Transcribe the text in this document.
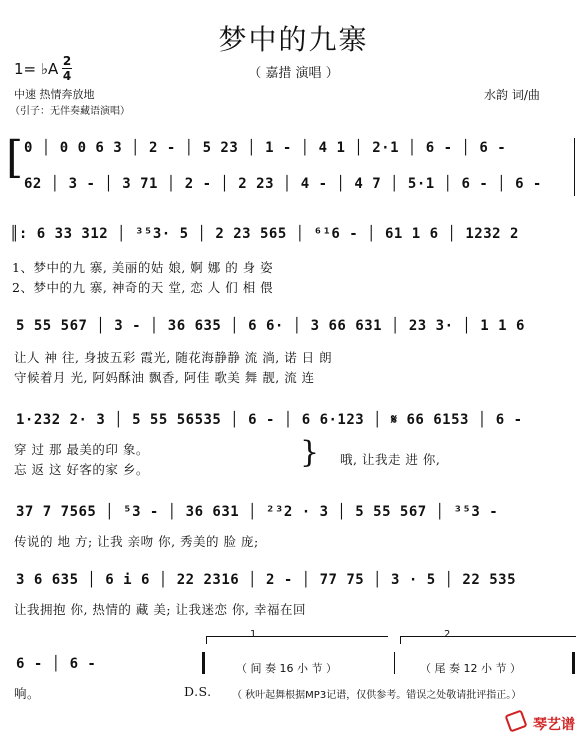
梦中的九寨
（ 嘉措 演唱 ）
1= ♭A 2
4
中速 热情奔放地
（引子：无伴奏藏语演唱）
水韵 词/曲
[ 0 │ 0 0 6 3 │ 2 - │ 5 23 │ 1 - │ 4 1 │ 2·1 │ 6 - │ 6 -
62 │ 3 - │ 3 71 │ 2 - │ 2 23 │ 4 - │ 4 7 │ 5·1 │ 6 - │ 6 -
║: 6 33 312 │ ³⁵3· 5 │ 2 23 565 │ ⁶¹6 - │ 61 1 6 │ 1232 2
1、梦中的九 寨, 美丽的姑 娘, 婀 娜 的 身 姿
2、梦中的九 寨, 神奇的天 堂, 恋 人 们 相 偎
5 55 567 │ 3 - │ 36 635 │ 6 6· │ 3 66 631 │ 23 3· │ 1 1 6
让人 神 往, 身披五彩 霞光, 随花海静静 流 淌, 诺 日 朗
守候着月 光, 阿妈酥油 飘香, 阿佳 歌美 舞 靓, 流 连
1·232 2· 3 │ 5 55 56535 │ 6 - │ 6 6·123 │ 𝄋 66 6153 │ 6 -
穿 过 那 最美的印 象。
忘 返 这 好客的家 乡。	} 哦, 让我走 进 你,
37 7 7565 │ ⁵3 - │ 36 631 │ ²³2 · 3 │ 5 55 567 │ ³⁵3 -
传说的 地 方; 让我 亲吻 你, 秀美的 脸 庞;
3 6 635 │ 6 i 6 │ 22 2316 │ 2 - │ 77 75 │ 3 · 5 │ 22 535
让我拥抱 你, 热情的 藏 美; 让我迷恋 你, 幸福在回
1	2
6 - │ 6 -	（ 间 奏 16 小 节 ）	（ 尾 奏 12 小 节 ）
响。	D.S. （ 秋叶起舞根据MP3记谱，仅供参考。错误之处敬请批评指正。）
琴艺谱
